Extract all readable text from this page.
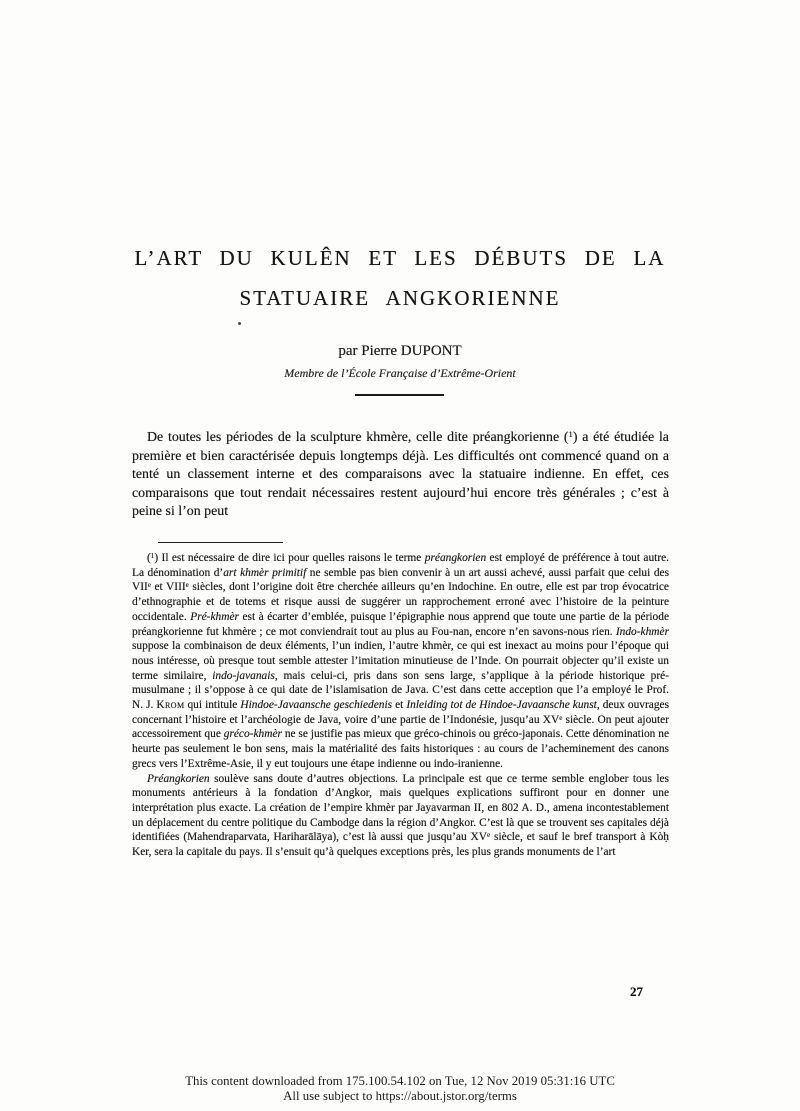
L’ART DU KULÊN ET LES DÉBUTS DE LA
STATUAIRE ANGKORIENNE
par Pierre DUPONT
Membre de l’École Française d’Extrême-Orient

De toutes les périodes de la sculpture khmère, celle dite préangkorienne ($^1$) a été étudiée la première et bien caractérisée depuis longtemps déjà. Les difficultés ont commencé quand on a tenté un classement interne et des comparaisons avec la statuaire indienne. En effet, ces comparaisons que tout rendait nécessaires restent aujourd’hui encore très générales ; c’est à peine si l’on peut

($^1$) Il est nécessaire de dire ici pour quelles raisons le terme préangkorien est employé de préférence à tout autre. La dénomination d’art khmèr primitif ne semble pas bien convenir à un art aussi achevé, aussi parfait que celui des VIIe et VIIIe siècles, dont l’origine doit être cherchée ailleurs qu’en Indochine. En outre, elle est par trop évocatrice d’ethnographie et de totems et risque aussi de suggérer un rapprochement erroné avec l’histoire de la peinture occidentale. Pré-khmèr est à écarter d’emblée, puisque l’épigraphie nous apprend que toute une partie de la période préangkorienne fut khmère ; ce mot conviendrait tout au plus au Fou-nan, encore n’en savons-nous rien. Indo-khmèr suppose la combinaison de deux éléments, l’un indien, l’autre khmèr, ce qui est inexact au moins pour l’époque qui nous intéresse, où presque tout semble attester l’imitation minutieuse de l’Inde. On pourrait objecter qu’il existe un terme similaire, indo-javanais, mais celui-ci, pris dans son sens large, s’applique à la période historique pré-musulmane ; il s’oppose à ce qui date de l’islamisation de Java. C’est dans cette acception que l’a employé le Prof. N. J. Krom qui intitule Hindoe-Javaansche geschiedenis et Inleiding tot de Hindoe-Javaansche kunst, deux ouvrages concernant l’histoire et l’archéologie de Java, voire d’une partie de l’Indonésie, jusqu’au XVe siècle. On peut ajouter accessoirement que gréco-khmèr ne se justifie pas mieux que gréco-chinois ou gréco-japonais. Cette dénomination ne heurte pas seulement le bon sens, mais la matérialité des faits historiques : au cours de l’acheminement des canons grecs vers l’Extrême-Asie, il y eut toujours une étape indienne ou indo-iranienne.

Préangkorien soulève sans doute d’autres objections. La principale est que ce terme semble englober tous les monuments antérieurs à la fondation d’Angkor, mais quelques explications suffiront pour en donner une interprétation plus exacte. La création de l’empire khmèr par Jayavarman II, en 802 A. D., amena incontestablement un déplacement du centre politique du Cambodge dans la région d’Angkor. C’est là que se trouvent ses capitales déjà identifiées (Mahendraparvata, Hariharālāya), c’est là aussi que jusqu’au XVe siècle, et sauf le bref transport à Kòḥ Ker, sera la capitale du pays. Il s’ensuit qu’à quelques exceptions près, les plus grands monuments de l’art

27
This content downloaded from 175.100.54.102 on Tue, 12 Nov 2019 05:31:16 UTC
All use subject to https://about.jstor.org/terms
